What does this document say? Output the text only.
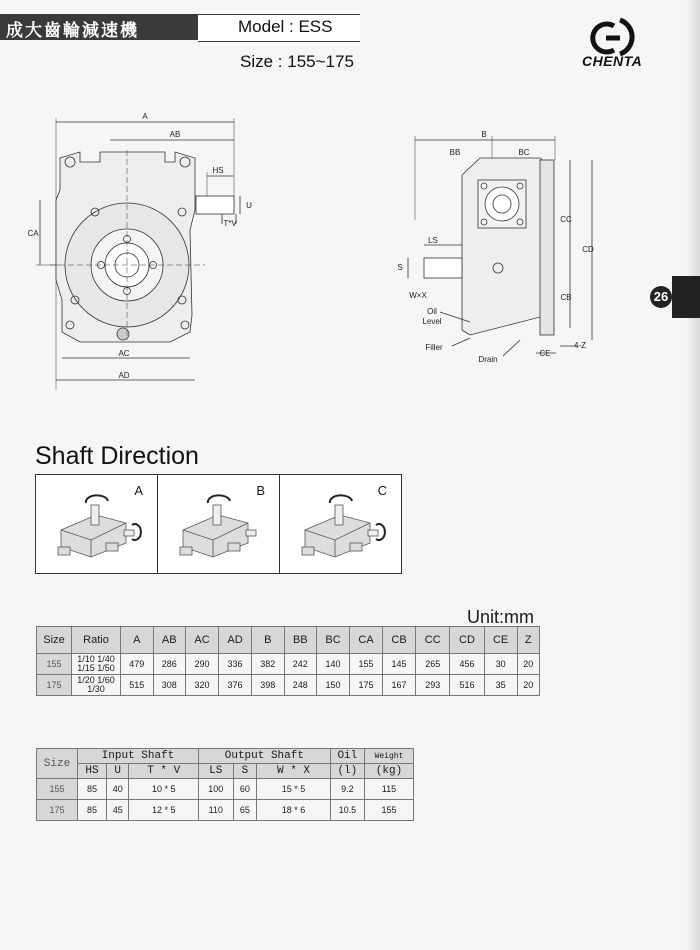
成大齒輪減速機	Model : ESS
Size : 155~175	CHENTA
26
A
AB
HS
U
T*V
CA
AC
AD
B
BB	BC
LS
S
W×X
CC
CD
CB
Oil
Level
Filler
Drain
CE
4-Z
Shaft Direction
A	B	C
Unit:mm
Size	Ratio	A	AB	AC	AD	B	BB	BC	CA	CB	CC	CD	CE	Z
155	1/10 1/40
1/15 1/50	479	286	290	336	382	242	140	155	145	265	456	30	20
175	1/20 1/60
1/30	515	308	320	376	398	248	150	175	167	293	516	35	20
Size	Input Shaft			Output Shaft			Oil	Weight
	HS	U	T * V	LS	S	W * X	(l)	(kg)
155	85	40	10 * 5	100	60	15 * 5	9.2	115
175	85	45	12 * 5	110	65	18 * 6	10.5	155
